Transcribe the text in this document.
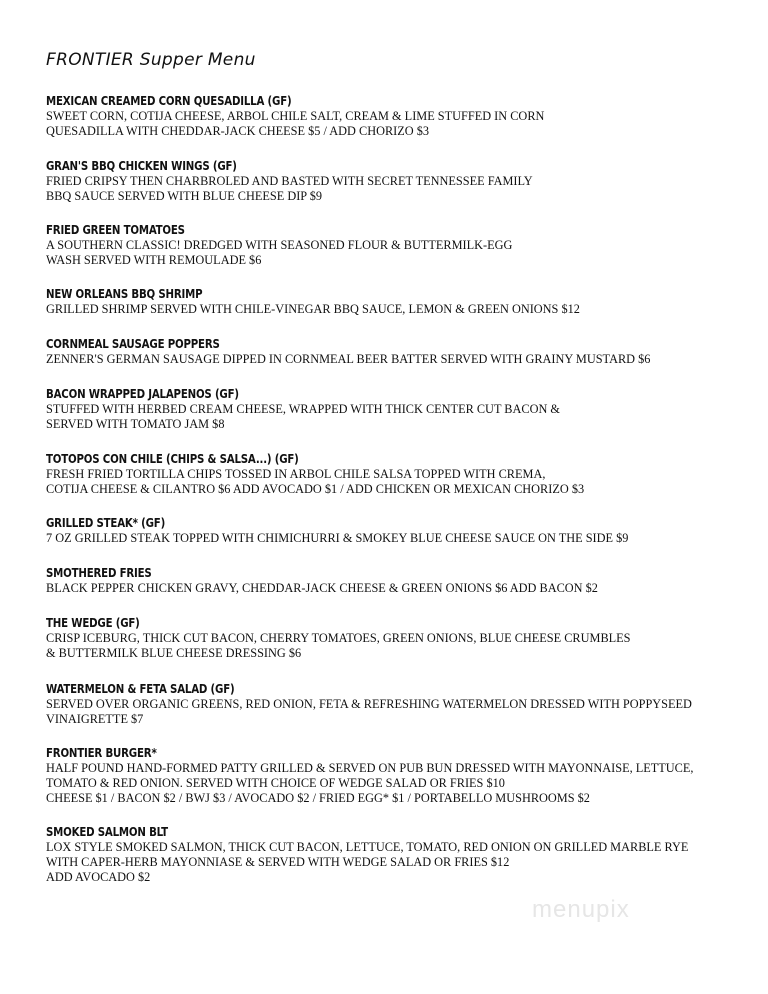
FRONTIER Supper Menu
MEXICAN CREAMED CORN QUESADILLA (GF)
SWEET CORN, COTIJA CHEESE, ARBOL CHILE SALT, CREAM & LIME STUFFED IN CORN
QUESADILLA WITH CHEDDAR-JACK CHEESE $5 / ADD CHORIZO $3
GRAN'S BBQ CHICKEN WINGS (GF)
FRIED CRIPSY THEN CHARBROLED AND BASTED WITH SECRET TENNESSEE FAMILY
BBQ SAUCE SERVED WITH BLUE CHEESE DIP $9
FRIED GREEN TOMATOES
A SOUTHERN CLASSIC! DREDGED WITH SEASONED FLOUR & BUTTERMILK-EGG
WASH SERVED WITH REMOULADE $6
NEW ORLEANS BBQ SHRIMP
GRILLED SHRIMP SERVED WITH CHILE-VINEGAR BBQ SAUCE, LEMON & GREEN ONIONS $12
CORNMEAL SAUSAGE POPPERS
ZENNER'S GERMAN SAUSAGE DIPPED IN CORNMEAL BEER BATTER SERVED WITH GRAINY MUSTARD $6
BACON WRAPPED JALAPENOS (GF)
STUFFED WITH HERBED CREAM CHEESE, WRAPPED WITH THICK CENTER CUT BACON &
SERVED WITH TOMATO JAM $8
TOTOPOS CON CHILE (CHIPS & SALSA...) (GF)
FRESH FRIED TORTILLA CHIPS TOSSED IN ARBOL CHILE SALSA TOPPED WITH CREMA,
COTIJA CHEESE & CILANTRO $6 ADD AVOCADO $1 / ADD CHICKEN OR MEXICAN CHORIZO $3
GRILLED STEAK* (GF)
7 OZ GRILLED STEAK TOPPED WITH CHIMICHURRI & SMOKEY BLUE CHEESE SAUCE ON THE SIDE $9
SMOTHERED FRIES
BLACK PEPPER CHICKEN GRAVY, CHEDDAR-JACK CHEESE & GREEN ONIONS $6 ADD BACON $2
THE WEDGE (GF)
CRISP ICEBURG, THICK CUT BACON, CHERRY TOMATOES, GREEN ONIONS, BLUE CHEESE CRUMBLES
& BUTTERMILK BLUE CHEESE DRESSING $6
WATERMELON & FETA SALAD (GF)
SERVED OVER ORGANIC GREENS, RED ONION, FETA & REFRESHING WATERMELON DRESSED WITH POPPYSEED
VINAIGRETTE $7
FRONTIER BURGER*
HALF POUND HAND-FORMED PATTY GRILLED & SERVED ON PUB BUN DRESSED WITH MAYONNAISE, LETTUCE,
TOMATO & RED ONION. SERVED WITH CHOICE OF WEDGE SALAD OR FRIES $10
CHEESE $1 / BACON $2 / BWJ $3 / AVOCADO $2 / FRIED EGG* $1 / PORTABELLO MUSHROOMS $2
SMOKED SALMON BLT
LOX STYLE SMOKED SALMON, THICK CUT BACON, LETTUCE, TOMATO, RED ONION ON GRILLED MARBLE RYE
WITH CAPER-HERB MAYONNIASE & SERVED WITH WEDGE SALAD OR FRIES $12
ADD AVOCADO $2
menupix
